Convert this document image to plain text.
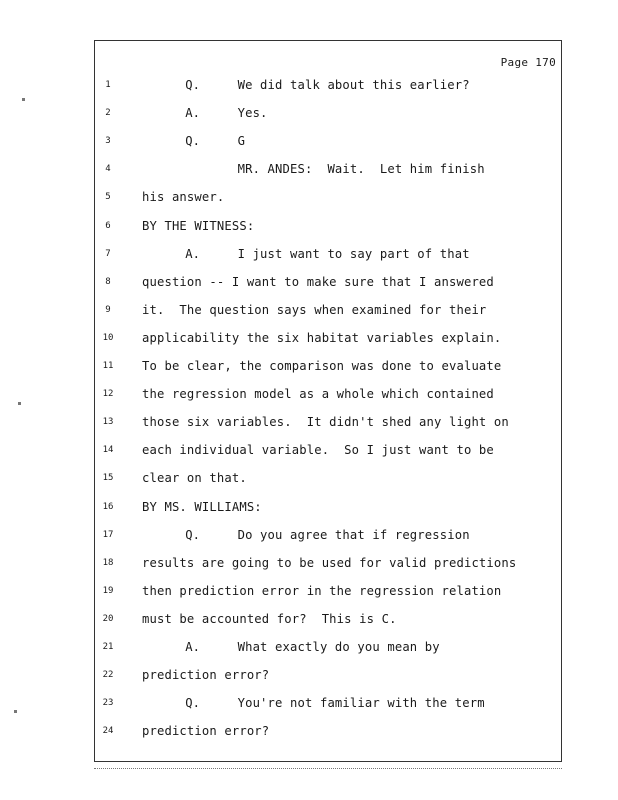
Page 170
1	Q.     We did talk about this earlier?
2	A.     Yes.
3	Q.     G
4	MR. ANDES:  Wait.  Let him finish
5	his answer.
6	BY THE WITNESS:
7	A.     I just want to say part of that
8	question -- I want to make sure that I answered
9	it.  The question says when examined for their
10	applicability the six habitat variables explain.
11	To be clear, the comparison was done to evaluate
12	the regression model as a whole which contained
13	those six variables.  It didn't shed any light on
14	each individual variable.  So I just want to be
15	clear on that.
16	BY MS. WILLIAMS:
17	Q.     Do you agree that if regression
18	results are going to be used for valid predictions
19	then prediction error in the regression relation
20	must be accounted for?  This is C.
21	A.     What exactly do you mean by
22	prediction error?
23	Q.     You're not familiar with the term
24	prediction error?
